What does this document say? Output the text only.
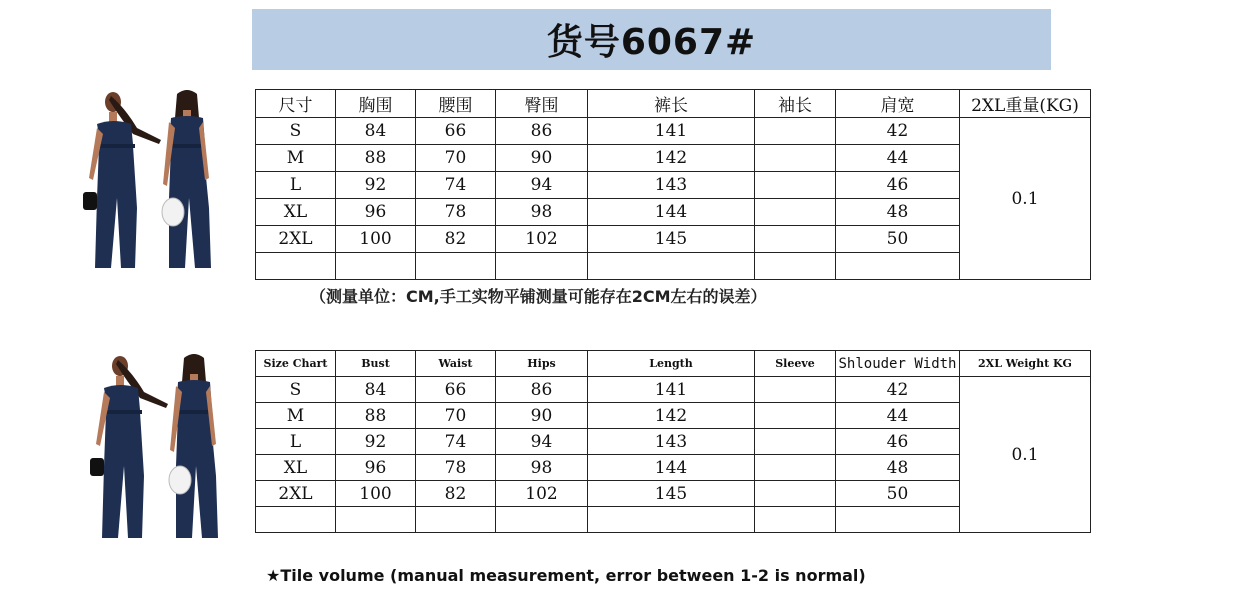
货号6067#
尺寸	胸围	腰围	臀围	裤长	袖长	肩宽	2XL重量(KG)
S	84	66	86	141		42	0.1
M	88	70	90	142		44	
L	92	74	94	143		46	
XL	96	78	98	144		48	
2XL	100	82	102	145		50	

（测量单位：CM,手工实物平铺测量可能存在2CM左右的误差）
Size Chart	Bust	Waist	Hips	Length	Sleeve	Shlouder Width	2XL Weight KG
S	84	66	86	141		42	0.1
M	88	70	90	142		44	
L	92	74	94	143		46	
XL	96	78	98	144		48	
2XL	100	82	102	145		50	

★Tile volume (manual measurement, error between 1-2 is normal)
